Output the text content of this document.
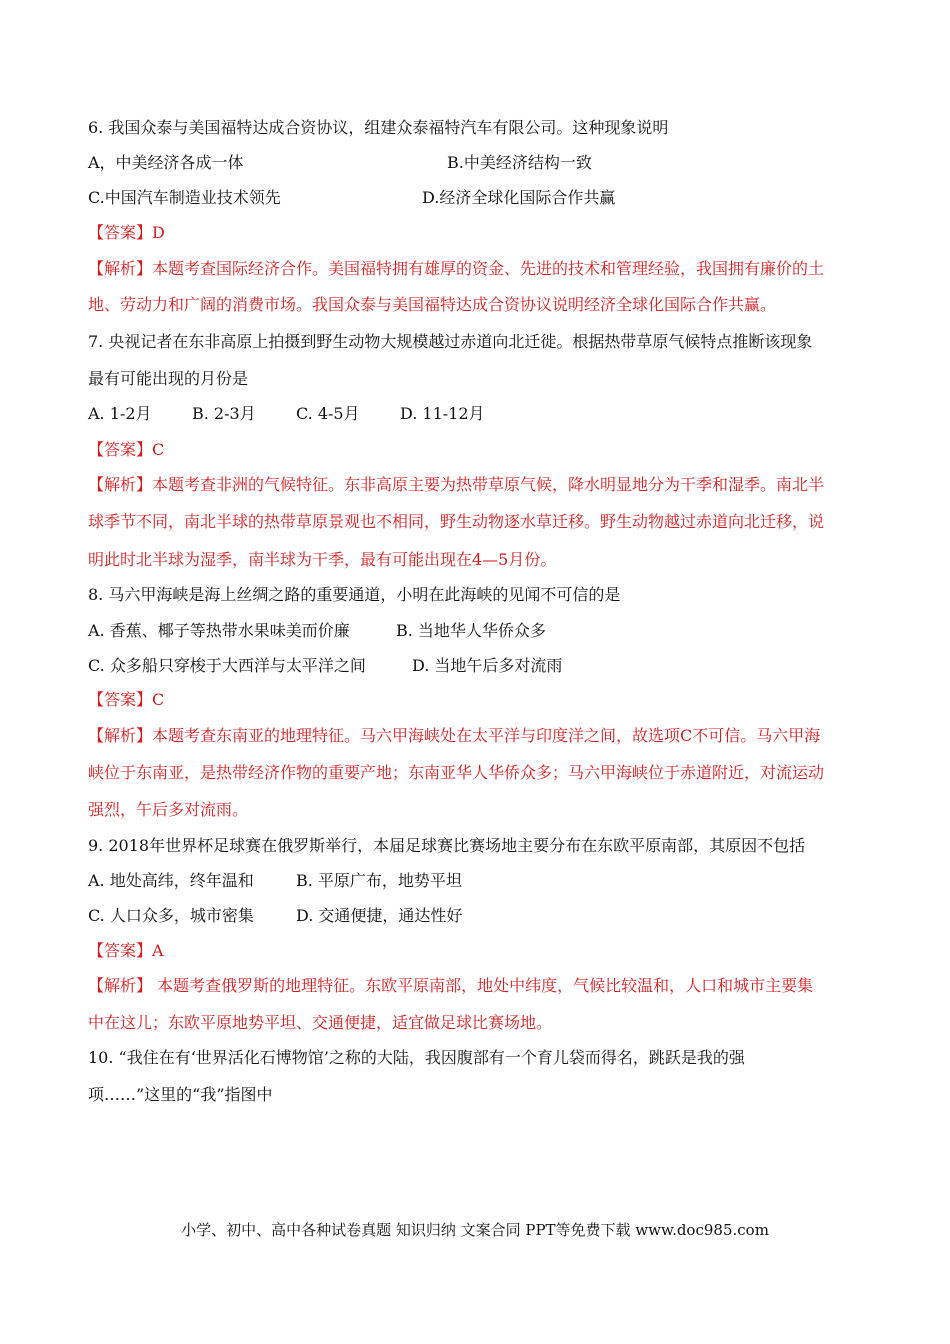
6. 我国众泰与美国福特达成合资协议，组建众泰福特汽车有限公司。这种现象说明
A，中美经济各成一体	B.中美经济结构一致
C.中国汽车制造业技术领先	D.经济全球化国际合作共赢
【答案】D
【解析】本题考查国际经济合作。美国福特拥有雄厚的资金、先进的技术和管理经验，我国拥有廉价的土
地、劳动力和广阔的消费市场。我国众泰与美国福特达成合资协议说明经济全球化国际合作共赢。
7. 央视记者在东非高原上拍摄到野生动物大规模越过赤道向北迁徙。根据热带草原气候特点推断该现象
最有可能出现的月份是
A. 1-2月	B. 2-3月	C. 4-5月	D. 11-12月
【答案】C
【解析】本题考查非洲的气候特征。东非高原主要为热带草原气候，降水明显地分为干季和湿季。南北半
球季节不同，南北半球的热带草原景观也不相同，野生动物逐水草迁移。野生动物越过赤道向北迁移，说
明此时北半球为湿季，南半球为干季，最有可能出现在4—5月份。
8. 马六甲海峡是海上丝绸之路的重要通道，小明在此海峡的见闻不可信的是
A. 香蕉、椰子等热带水果味美而价廉	B. 当地华人华侨众多
C. 众多船只穿梭于大西洋与太平洋之间	D. 当地午后多对流雨
【答案】C
【解析】本题考查东南亚的地理特征。马六甲海峡处在太平洋与印度洋之间，故选项C不可信。马六甲海
峡位于东南亚，是热带经济作物的重要产地；东南亚华人华侨众多；马六甲海峡位于赤道附近，对流运动
强烈，午后多对流雨。
9. 2018年世界杯足球赛在俄罗斯举行，本届足球赛比赛场地主要分布在东欧平原南部，其原因不包括
A. 地处高纬，终年温和	B. 平原广布，地势平坦
C. 人口众多，城市密集	D. 交通便捷，通达性好
【答案】A
【解析】 本题考查俄罗斯的地理特征。东欧平原南部，地处中纬度，气候比较温和，人口和城市主要集
中在这儿；东欧平原地势平坦、交通便捷，适宜做足球比赛场地。
10. “我住在有‘世界活化石博物馆’之称的大陆，我因腹部有一个育儿袋而得名，跳跃是我的强
项……”这里的“我”指图中
小学、初中、高中各种试卷真题 知识归纳 文案合同 PPT等免费下载 www.doc985.com
